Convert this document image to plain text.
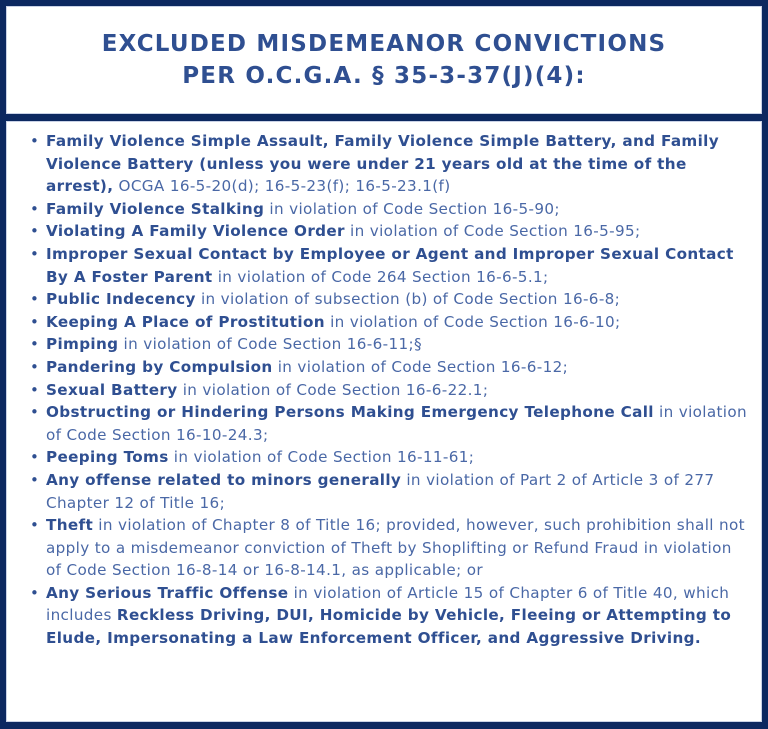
EXCLUDED MISDEMEANOR CONVICTIONS
PER O.C.G.A. § 35-3-37(J)(4):
• Family Violence Simple Assault, Family Violence Simple Battery, and Family Violence Battery (unless you were under 21 years old at the time of the arrest), OCGA 16-5-20(d); 16-5-23(f); 16-5-23.1(f)
• Family Violence Stalking in violation of Code Section 16-5-90;
• Violating A Family Violence Order in violation of Code Section 16-5-95;
• Improper Sexual Contact by Employee or Agent and Improper Sexual Contact By A Foster Parent in violation of Code 264 Section 16-6-5.1;
• Public Indecency in violation of subsection (b) of Code Section 16-6-8;
• Keeping A Place of Prostitution in violation of Code Section 16-6-10;
• Pimping in violation of Code Section 16-6-11;§
• Pandering by Compulsion in violation of Code Section 16-6-12;
• Sexual Battery in violation of Code Section 16-6-22.1;
• Obstructing or Hindering Persons Making Emergency Telephone Call in violation of Code Section 16-10-24.3;
• Peeping Toms in violation of Code Section 16-11-61;
• Any offense related to minors generally in violation of Part 2 of Article 3 of 277 Chapter 12 of Title 16;
• Theft in violation of Chapter 8 of Title 16; provided, however, such prohibition shall not apply to a misdemeanor conviction of Theft by Shoplifting or Refund Fraud in violation of Code Section 16-8-14 or 16-8-14.1, as applicable; or
• Any Serious Traffic Offense in violation of Article 15 of Chapter 6 of Title 40, which includes Reckless Driving, DUI, Homicide by Vehicle, Fleeing or Attempting to Elude, Impersonating a Law Enforcement Officer, and Aggressive Driving.
